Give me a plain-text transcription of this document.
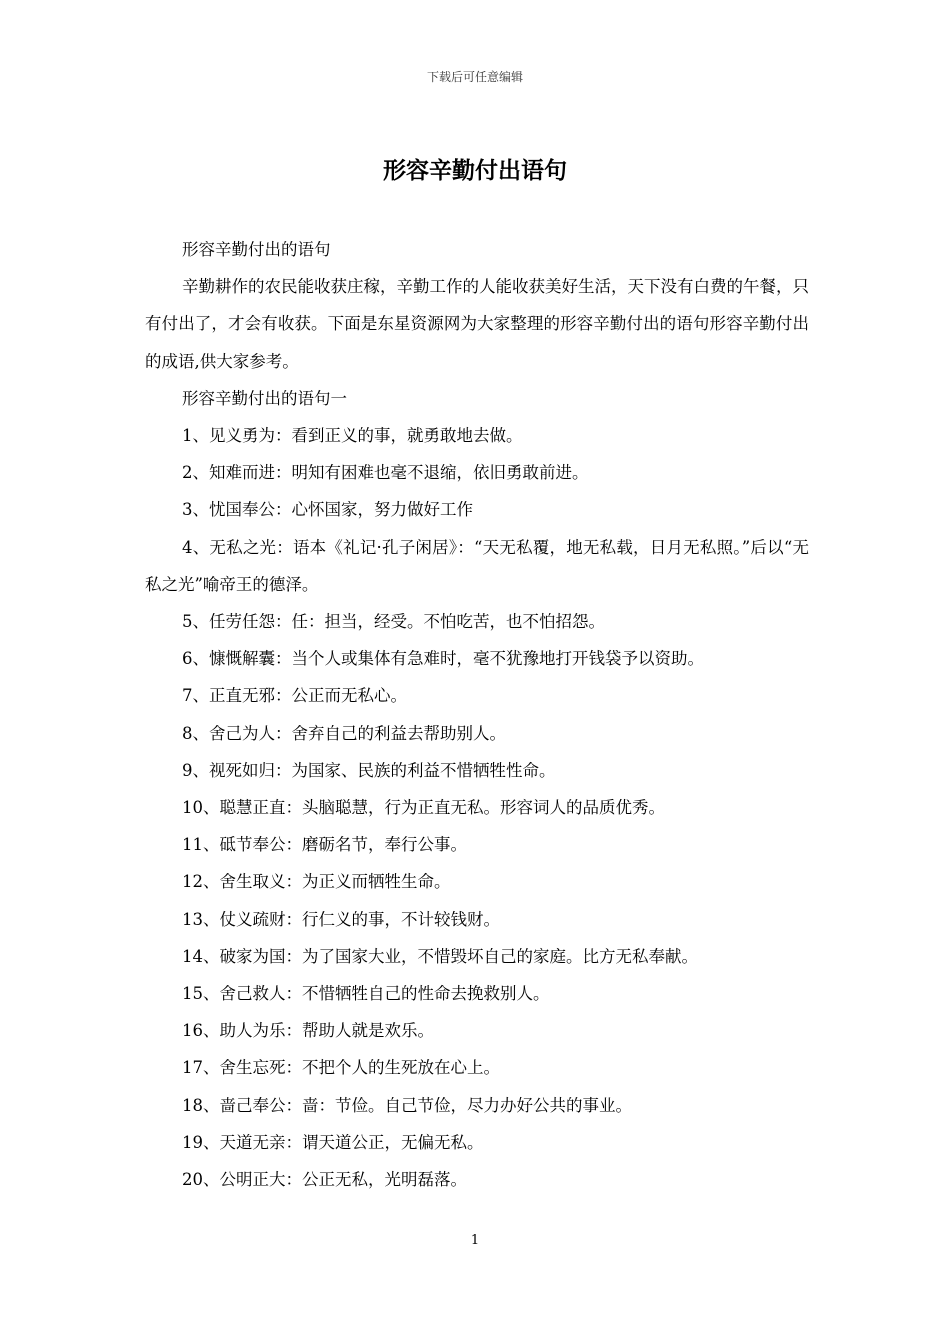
下载后可任意编辑
形容辛勤付出语句

形容辛勤付出的语句

辛勤耕作的农民能收获庄稼，辛勤工作的人能收获美好生活，天下没有白费的午餐，只有付出了，才会有收获。下面是东星资源网为大家整理的形容辛勤付出的语句形容辛勤付出的成语,供大家参考。

形容辛勤付出的语句一

1、见义勇为：看到正义的事，就勇敢地去做。

2、知难而进：明知有困难也毫不退缩，依旧勇敢前进。

3、忧国奉公：心怀国家，努力做好工作

4、无私之光：语本《礼记·孔子闲居》：“天无私覆，地无私载，日月无私照。”后以“无私之光”喻帝王的德泽。

5、任劳任怨：任：担当，经受。不怕吃苦，也不怕招怨。

6、慷慨解囊：当个人或集体有急难时，毫不犹豫地打开钱袋予以资助。

7、正直无邪：公正而无私心。

8、舍己为人：舍弃自己的利益去帮助别人。

9、视死如归：为国家、民族的利益不惜牺牲性命。

10、聪慧正直：头脑聪慧，行为正直无私。形容词人的品质优秀。

11、砥节奉公：磨砺名节，奉行公事。

12、舍生取义：为正义而牺牲生命。

13、仗义疏财：行仁义的事，不计较钱财。

14、破家为国：为了国家大业，不惜毁坏自己的家庭。比方无私奉献。

15、舍己救人：不惜牺牲自己的性命去挽救别人。

16、助人为乐：帮助人就是欢乐。

17、舍生忘死：不把个人的生死放在心上。

18、啬己奉公：啬：节俭。自己节俭，尽力办好公共的事业。

19、天道无亲：谓天道公正，无偏无私。

20、公明正大：公正无私，光明磊落。

1
